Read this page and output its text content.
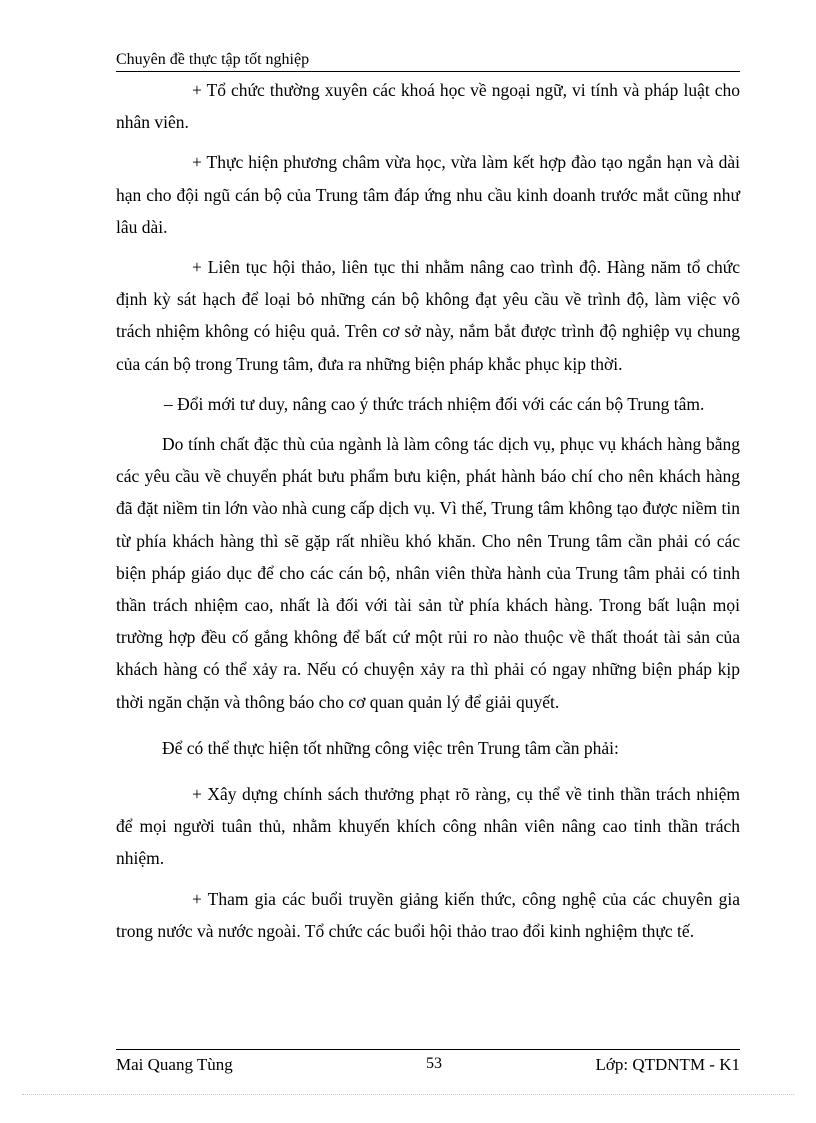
Chuyên đề thực tập tốt nghiệp

+ Tổ chức thường xuyên các khoá học về ngoại ngữ, vi tính và pháp luật cho nhân viên.

+ Thực hiện phương châm vừa học, vừa làm kết hợp đào tạo ngắn hạn và dài hạn cho đội ngũ cán bộ của Trung tâm đáp ứng nhu cầu kinh doanh trước mắt cũng như lâu dài.

+ Liên tục hội thảo, liên tục thi nhằm nâng cao trình độ. Hàng năm tổ chức định kỳ sát hạch để loại bỏ những cán bộ không đạt yêu cầu về trình độ, làm việc vô trách nhiệm không có hiệu quả. Trên cơ sở này, nắm bắt được trình độ nghiệp vụ chung của cán bộ trong Trung tâm, đưa ra những biện pháp khắc phục kịp thời.

– Đổi mới tư duy, nâng cao ý thức trách nhiệm đối với các cán bộ Trung tâm.

Do tính chất đặc thù của ngành là làm công tác dịch vụ, phục vụ khách hàng bằng các yêu cầu về chuyển phát bưu phẩm bưu kiện, phát hành báo chí cho nên khách hàng đã đặt niềm tin lớn vào nhà cung cấp dịch vụ. Vì thế, Trung tâm không tạo được niềm tin từ phía khách hàng thì sẽ gặp rất nhiều khó khăn. Cho nên Trung tâm cần phải có các biện pháp giáo dục để cho các cán bộ, nhân viên thừa hành của Trung tâm phải có tinh thần trách nhiệm cao, nhất là đối với tài sản từ phía khách hàng. Trong bất luận mọi trường hợp đều cố gắng không để bất cứ một rủi ro nào thuộc về thất thoát tài sản của khách hàng có thể xảy ra. Nếu có chuyện xảy ra thì phải có ngay những biện pháp kịp thời ngăn chặn và thông báo cho cơ quan quản lý để giải quyết.

Để có thể thực hiện tốt những công việc trên Trung tâm cần phải:

+ Xây dựng chính sách thưởng phạt rõ ràng, cụ thể về tinh thần trách nhiệm để mọi người tuân thủ, nhằm khuyến khích công nhân viên nâng cao tinh thần trách nhiệm.

+ Tham gia các buổi truyền giảng kiến thức, công nghệ của các chuyên gia trong nước và nước ngoài. Tổ chức các buổi hội thảo trao đổi kinh nghiệm thực tế.

Mai Quang Tùng	53	Lớp: QTDNTM - K1
